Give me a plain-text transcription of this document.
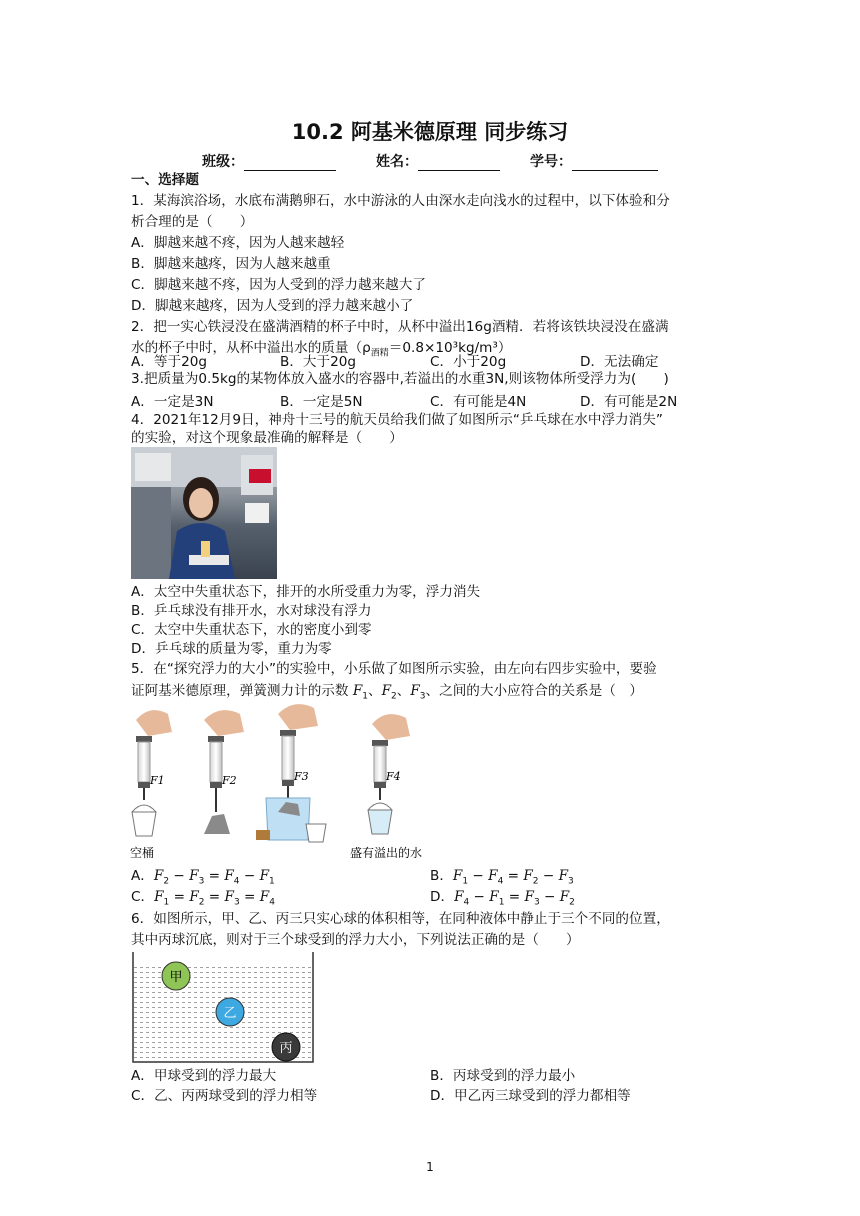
10.2 阿基米德原理 同步练习
班级：	姓名：	学号：
一、选择题
1．某海滨浴场，水底布满鹅卵石，水中游泳的人由深水走向浅水的过程中，以下体验和分
析合理的是（　　）
A．脚越来越不疼，因为人越来越轻
B．脚越来越疼，因为人越来越重
C．脚越来越不疼，因为人受到的浮力越来越大了
D．脚越来越疼，因为人受到的浮力越来越小了
2．把一实心铁浸没在盛满酒精的杯子中时，从杯中溢出16g酒精．若将该铁块浸没在盛满
水的杯子中时，从杯中溢出水的质量$(\rho_{酒精}=0.8\times 10^3kg/m^3)$
A．等于20g	B．大于20g	C．小于20g	D．无法确定
3.把质量为0.5kg的某物体放入盛水的容器中,若溢出的水重3N,则该物体所受浮力为(　　)
A．一定是3N	B．一定是5N	C．有可能是4N	D．有可能是2N
4．2021年12月9日，神舟十三号的航天员给我们做了如图所示“乒乓球在水中浮力消失”
的实验，对这个现象最准确的解释是（　　）
A．太空中失重状态下，排开的水所受重力为零，浮力消失
B．乒乓球没有排开水，水对球没有浮力
C．太空中失重状态下，水的密度小到零
D．乒乓球的质量为零，重力为零
5．在“探究浮力的大小”的实验中，小乐做了如图所示实验，由左向右四步实验中，要验
证阿基米德原理，弹簧测力计的示数 $F_1$、$F_2$、$F_3$、之间的大小应符合的关系是（　）
F1	F2	F3	F4
空桶	盛有溢出的水
A．$F_2 - F_3 = F_4 - F_1$	B．$F_1 - F_4 = F_2 - F_3$
C．$F_1 = F_2 = F_3 = F_4$	D．$F_4 - F_1 = F_3 - F_2$
6．如图所示，甲、乙、丙三只实心球的体积相等，在同种液体中静止于三个不同的位置，
其中丙球沉底，则对于三个球受到的浮力大小，下列说法正确的是（　　）
甲
乙
丙
A．甲球受到的浮力最大	B．丙球受到的浮力最小
C．乙、丙两球受到的浮力相等	D．甲乙丙三球受到的浮力都相等
1
